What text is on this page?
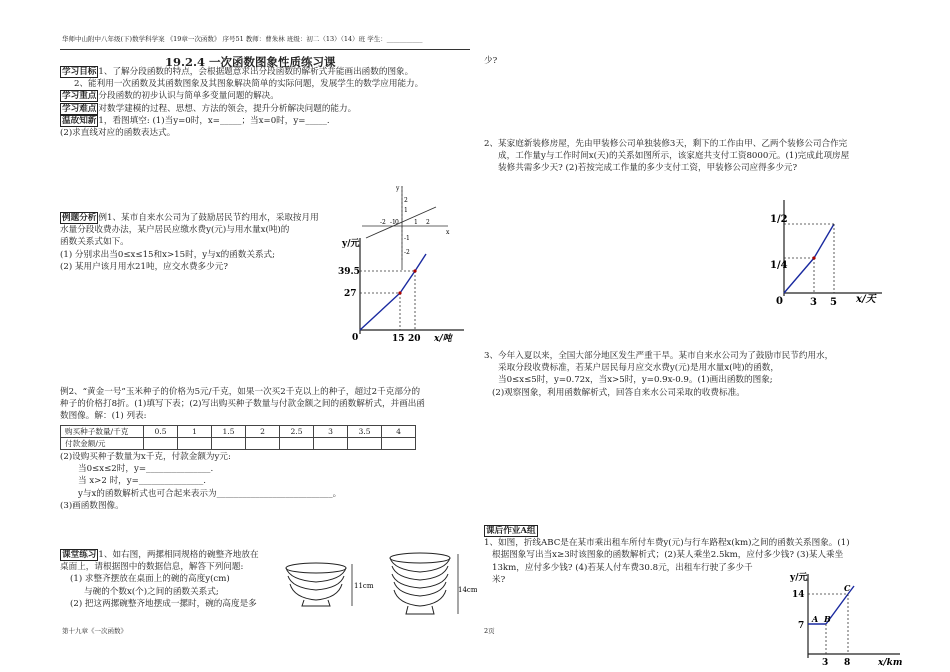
华师中山附中八年级(下)数学科学案 《19章一次函数》 序号51 教师：曹朱林 班级：初二（13）（14）班 学生：___________
19.2.4 一次函数图象性质练习课
学习目标 1、了解分段函数的特点，会根据题意求出分段函数的解析式并能画出函数的图象。
2、能利用一次函数及其函数图象及其图象解决简单的实际问题，发展学生的数学应用能力。
学习重点 分段函数的初步认识与简单多变量问题的解决。
学习难点 对数学建模的过程、思想、方法的领会，提升分析解决问题的能力。
温故知新 1，看图填空: (1)当y=0时，x=_____；当x=0时，y=_____.
(2)求直线对应的函数表达式。
x
y
0	1 2
-2 -1
1
2
-1
-2
例题分析 例1、某市自来水公司为了鼓励居民节约用水，采取按月用
水量分段收费办法，某户居民应缴水费y(元)与用水量x(吨)的
函数关系式如下。
(1) 分别求出当0≤x≤15和x>15时，y与x的函数关系式;
(2) 某用户该月用水21吨，应交水费多少元?
y/元
39.5
27
15 20
0	x/吨
例2、“黄金一号”玉米种子的价格为5元/千克，如果一次买2千克以上的种子，超过2千克部分的
种子的价格打8折。(1)填写下表；(2)写出购买种子数量与付款金额之间的函数解析式，并画出函
数图像。解：(1) 列表:
购买种子数量/千克	0.5	1	1.5	2	2.5	3	3.5	4
付款金额/元								
(2)设购买种子数量为x千克，付款金额为y元:
当0≤x≤2时，y=_______________.
当 x>2 时，y=_______________.
y与x的函数解析式也可合起来表示为___________________________。
(3)画函数图像。
课堂练习 1、如右图，两摞相同规格的碗整齐地放在
桌面上，请根据图中的数据信息，解答下列问题:
(1) 求整齐摆放在桌面上的碗的高度y(cm)
与碗的个数x(个)之间的函数关系式;
(2) 把这两摞碗整齐地摆成一摞时，碗的高度是多
11cm	14cm
第十九章《一次函数》
少?
2、某家庭新装修房屋，先由甲装修公司单独装修3天，剩下的工作由甲、乙两个装修公司合作完
成，工作量y与工作时间x(天)的关系如图所示，该家庭共支付工资8000元。(1)完成此项房屋
装修共需多少天? (2)若按完成工作量的多少支付工资，甲装修公司应得多少元?
1/2
1/4
3 5
0	x/天
3、今年入夏以来，全国大部分地区发生严重干旱。某市自来水公司为了鼓励市民节约用水，
采取分段收费标准，若某户居民每月应交水费y(元)是用水量x(吨)的函数，
当0≤x≤5时，y=0.72x，当x>5时，y=0.9x-0.9。(1)画出函数的图象;
(2)观察图象，利用函数解析式，回答自来水公司采取的收费标准。
课后作业A组
1、如图，折线ABC是在某市乘出租车所付车费y(元)与行车路程x(km)之间的函数关系图象。(1)
根据图象写出当x≥3时该图象的函数解析式；(2)某人乘坐2.5km，应付多少钱? (3)某人乘坐
13km，应付多少钱? (4)若某人付车费30.8元，出租车行驶了多少千
米?	y/元
14
7
A B
C
3 8	x/km
2页
